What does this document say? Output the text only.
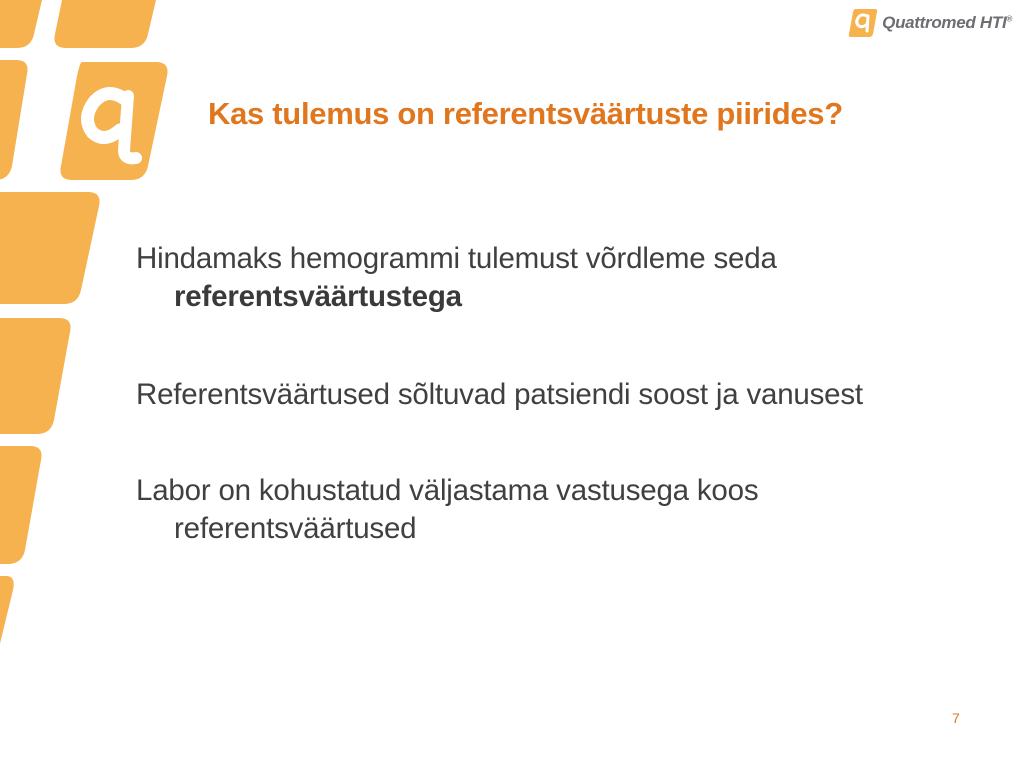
Quattromed HTI®
Kas tulemus on referentsväärtuste piirides?
Hindamaks hemogrammi tulemust võrdleme seda referentsväärtustega
Referentsväärtused sõltuvad patsiendi soost ja vanusest
Labor on kohustatud väljastama vastusega koos referentsväärtused
7
